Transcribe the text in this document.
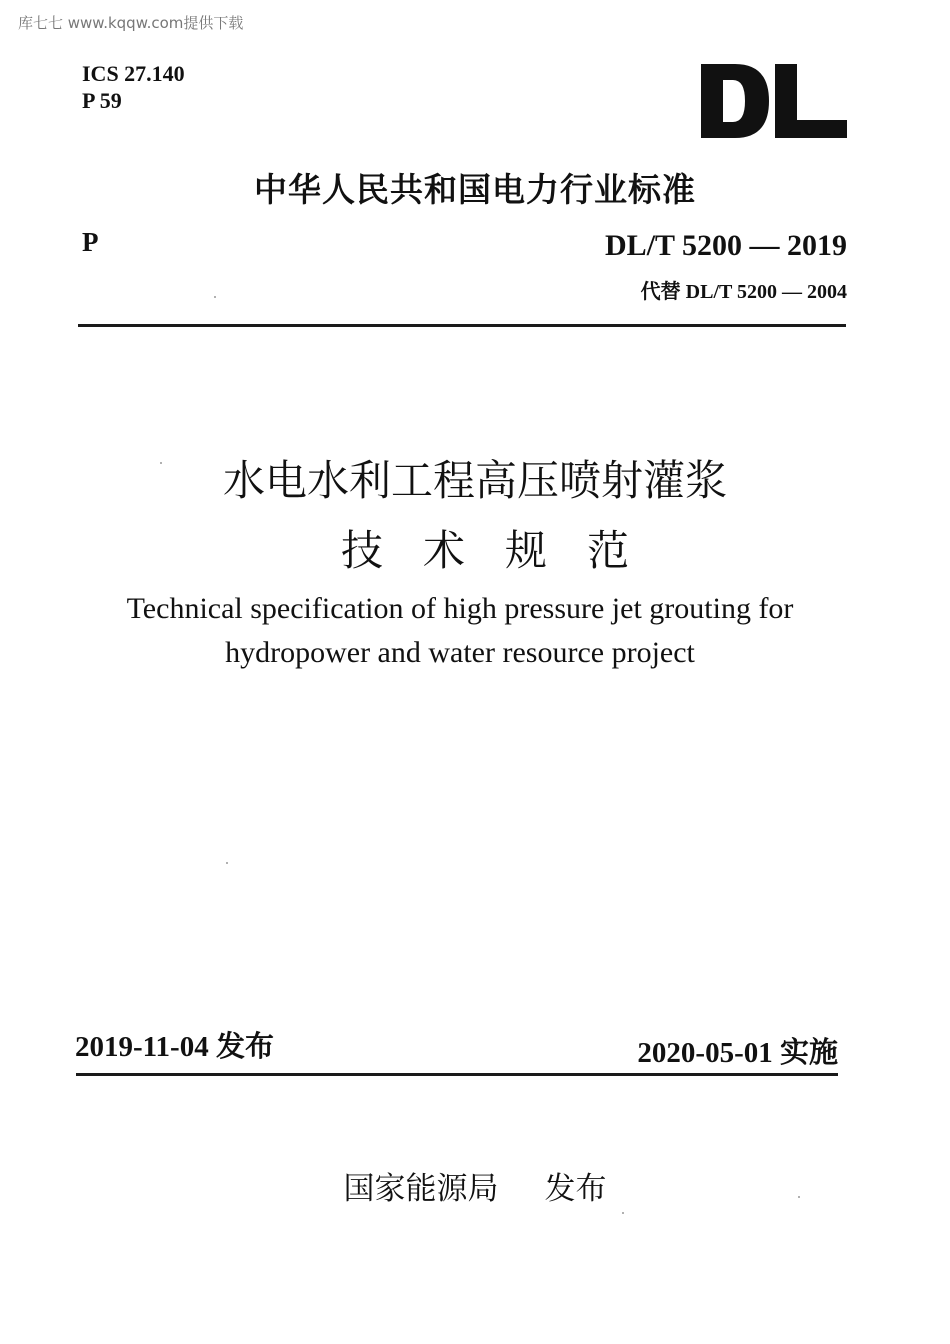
库七七 www.kqqw.com提供下载
ICS 27.140
P 59
中华人民共和国电力行业标准
P	DL/T 5200 — 2019
代替 DL/T 5200 — 2004
水电水利工程高压喷射灌浆
技术规范
Technical specification of high pressure jet grouting for
hydropower and water resource project
2019-11-04 发布	2020-05-01 实施
国家能源局 发布
